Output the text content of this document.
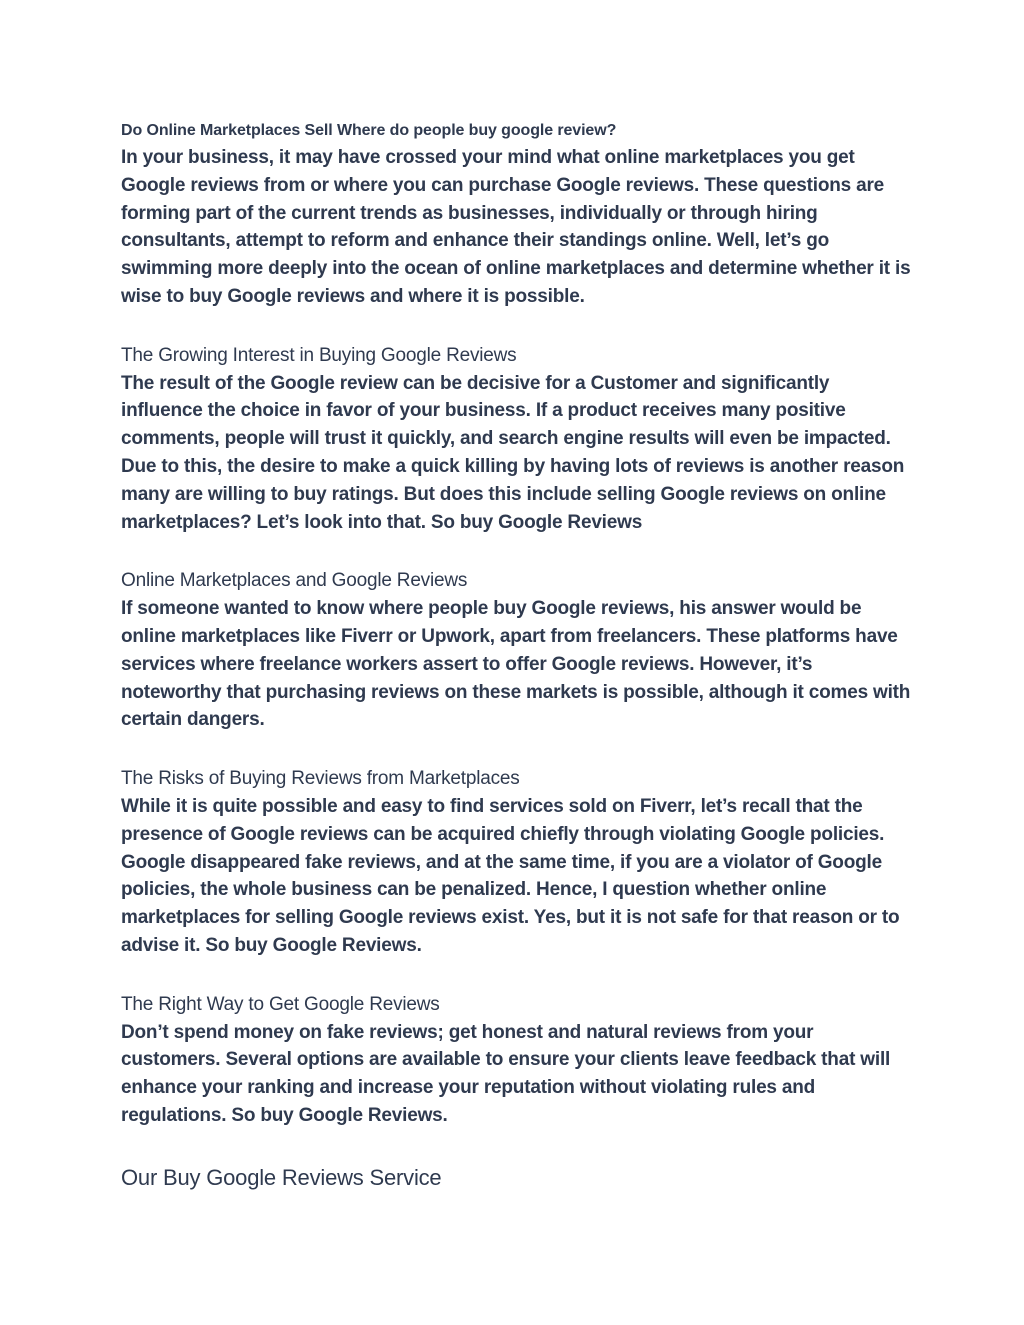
Do Online Marketplaces Sell Where do people buy google review?

In your business, it may have crossed your mind what online marketplaces you get Google reviews from or where you can purchase Google reviews. These questions are forming part of the current trends as businesses, individually or through hiring consultants, attempt to reform and enhance their standings online. Well, let’s go swimming more deeply into the ocean of online marketplaces and determine whether it is wise to buy Google reviews and where it is possible.

The Growing Interest in Buying Google Reviews

The result of the Google review can be decisive for a Customer and significantly influence the choice in favor of your business. If a product receives many positive comments, people will trust it quickly, and search engine results will even be impacted. Due to this, the desire to make a quick killing by having lots of reviews is another reason many are willing to buy ratings. But does this include selling Google reviews on online marketplaces? Let’s look into that. So buy Google Reviews

Online Marketplaces and Google Reviews

If someone wanted to know where people buy Google reviews, his answer would be online marketplaces like Fiverr or Upwork, apart from freelancers. These platforms have services where freelance workers assert to offer Google reviews. However, it’s noteworthy that purchasing reviews on these markets is possible, although it comes with certain dangers.

The Risks of Buying Reviews from Marketplaces

While it is quite possible and easy to find services sold on Fiverr, let’s recall that the presence of Google reviews can be acquired chiefly through violating Google policies. Google disappeared fake reviews, and at the same time, if you are a violator of Google policies, the whole business can be penalized. Hence, I question whether online marketplaces for selling Google reviews exist. Yes, but it is not safe for that reason or to advise it. So buy Google Reviews.

The Right Way to Get Google Reviews

Don’t spend money on fake reviews; get honest and natural reviews from your customers. Several options are available to ensure your clients leave feedback that will enhance your ranking and increase your reputation without violating rules and regulations. So buy Google Reviews.

Our Buy Google Reviews Service
